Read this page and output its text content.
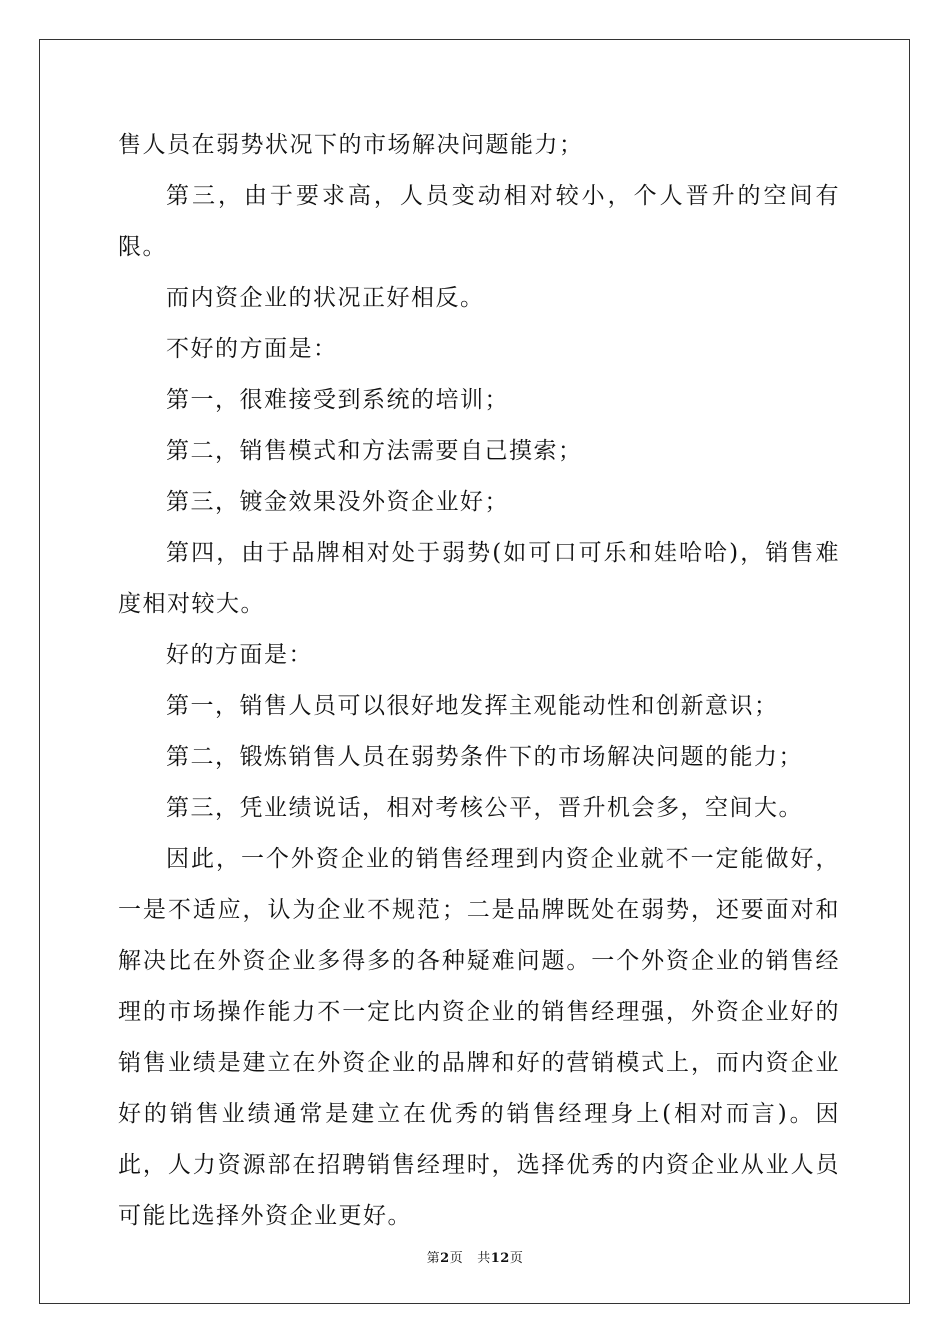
售人员在弱势状况下的市场解决问题能力；

第三，由于要求高，人员变动相对较小，个人晋升的空间有限。

而内资企业的状况正好相反。

不好的方面是：

第一，很难接受到系统的培训；

第二，销售模式和方法需要自己摸索；

第三，镀金效果没外资企业好；

第四，由于品牌相对处于弱势(如可口可乐和娃哈哈)，销售难度相对较大。

好的方面是：

第一，销售人员可以很好地发挥主观能动性和创新意识；

第二，锻炼销售人员在弱势条件下的市场解决问题的能力；

第三，凭业绩说话，相对考核公平，晋升机会多，空间大。

因此，一个外资企业的销售经理到内资企业就不一定能做好，一是不适应，认为企业不规范；二是品牌既处在弱势，还要面对和解决比在外资企业多得多的各种疑难问题。一个外资企业的销售经理的市场操作能力不一定比内资企业的销售经理强，外资企业好的销售业绩是建立在外资企业的品牌和好的营销模式上，而内资企业好的销售业绩通常是建立在优秀的销售经理身上(相对而言)。因此，人力资源部在招聘销售经理时，选择优秀的内资企业从业人员可能比选择外资企业更好。

第2页 共12页
